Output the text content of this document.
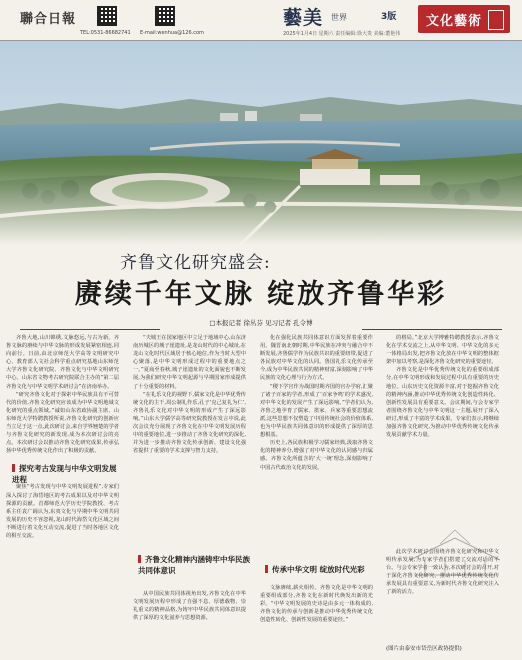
聯合日報
TEL:0531-86682741 E-mail:wenhua@126.com
藝美 世界	3版
2025年1月4日 星期六 责任编辑:徐大贵 美编:董艳伟
文化藝術
齐鲁文化研究盛会:
赓续千年文脉 绽放齐鲁华彩
□本报记者 徐丛芬 见习记者 孔令博

齐鲁大地,山川锦绣,文脉悠远,与古为新。齐鲁文脉的赓续与中华文脉的形成发展紧密相连,同向前行。日前,由北京师范大学高等文明研究中心、教育部人文社会科学重点研究基地山东师范大学齐鲁文化研究院、齐鲁文化与中华文明研究中心、山东省文物考古研究院联合主办的“第二届齐鲁文化与中华文明学术研讨会”在济南举办。

“研究齐鲁文化对于探索中华民族具有不可替代的价值,齐鲁文化研究应该成为中华文明地域文化研究的重点领域。”诚如山东省政协副主席、山东师范大学特聘教授所说,齐鲁文化研究的创新应当立足于这一点,此次研讨会,来自学界翘楚的学者与齐鲁文化研究的新发现,成为本次研讨会的亮点。本次研讨会以推动齐鲁文化研究成果,传承弘扬中华优秀传统文化作出了积极的贡献。

聚焦“考古发现与中华文明发展进程”,专家们深入探讨了海岱地区的考古成果以及对中华文明探源的贡献。首都师范大学历史学院教授、考古系主任袁广阔认为,东夷文化与早期中华文明共同发展的历史不容忽视,龙山时代海岱文化区域之间不断进行着文化互动交流,促进了当时各地区文化的相互交流。

探究考古发现与中华文明发展进程

“夫城王在国家地区中立足于地域中心,山东济南历城区的城子崖遗址,是龙山时代的中心城址,在龙山文化时代区域居于核心地位,作为当时大型中心聚落,是中华文明形成过程中的重要地点之一。”夏商至春秋,城子崖遗址的文化面貌也不断发展,为我们研究中华文明起源与早期国家形成提供了十分重要的材料。

“在礼乐文化的视野下,儒家文化是中华优秀传统文化的主干,周公制礼作乐,孔子‘克己复礼为仁’,齐鲁礼乐文化对中华文明的形成产生了深远影响。”山东大学儒学高等研究院教授在发言中说,此次会议充分展现了齐鲁文化在中华文明发展历程中的重要地位,进一步推动了齐鲁文化研究的深化,并为进一步推动齐鲁文化传承创新、建设文化强省提供了重要的学术支撑与智力支持。

齐鲁文化精神内涵铸牢中华民族共同体意识

从中国民族共同体视角出发,齐鲁文化在中华文明发展历程中形成了自强不息、厚德载物、崇礼重义的精神品格,为铸牢中华民族共同体意识提供了深厚的文化滋养与思想资源。

化在强化民族共同体意识方面发挥着重要作用。魏晋南北朝时期,中华民族在冲突与融合中不断发展,齐鲁儒学作为民族共识的重要纽带,促进了各民族对中华文化的认同。鲁国礼乐文化传承至今,成为中华民族共同的精神财富,深刻影响了中华民族的文化心理与行为方式。

“稷下学宫作为战国时期齐国的官办学府,汇聚了诸子百家的学者,形成了‘百家争鸣’的学术盛况,对中华文化的发展产生了深远影响。”学者们认为,齐鲁之地孕育了儒家、墨家、兵家等重要思想流派,这些思想不仅塑造了中国传统社会的价值体系,也为中华民族共同体意识的形成提供了深厚的思想根基。

历史上,各民族积极学习儒家经典,汲取齐鲁文化的精神养分,增强了对中华文化的认同感与归属感。齐鲁文化所蕴含的‘大一统’理念,深刻影响了中国古代政治文化的发展。

传承中华文明 绽放时代光彩

文脉赓续,薪火相传。齐鲁文化是中华文明的重要组成部分,齐鲁文化在新时代焕发出新的光彩。“中华文明发展的史诗是由多元一体构成的,齐鲁文化的传承与创新是推动中华优秀传统文化创造性转化、创新性发展的重要途径。”

的格局。”北京大学博雅特聘教授表示,齐鲁文化在学术交流之上,从中华文明、中华文化的多元一体格局出发,把齐鲁文化放在中华文明的整体框架中加以考察,是深化齐鲁文化研究的重要途径。

齐鲁文化是中华优秀传统文化的重要组成部分,在中华文明形成和发展过程中具有重要的历史地位。山东历史文化资源丰富,对于挖掘齐鲁文化的精神内涵,推动中华优秀传统文化创造性转化、创新性发展具有重要意义。会议期间,与会专家学者围绕齐鲁文化与中华文明这一主题,展开了深入研讨,形成了丰富的学术成果。专家们表示,将继续加强齐鲁文化研究,为推动中华优秀传统文化传承发展贡献学术力量。

此次学术研讨会围绕齐鲁文化研究和中华文明传承发展,为专家学者们搭建了交流对话的平台。与会专家学者一致认为,本次研讨会的召开,对于深化齐鲁文化研究、推动中华优秀传统文化传承发展具有重要意义,为新时代齐鲁文化研究注入了新的活力。

(图片由泰安市岱岳区政协提供)
